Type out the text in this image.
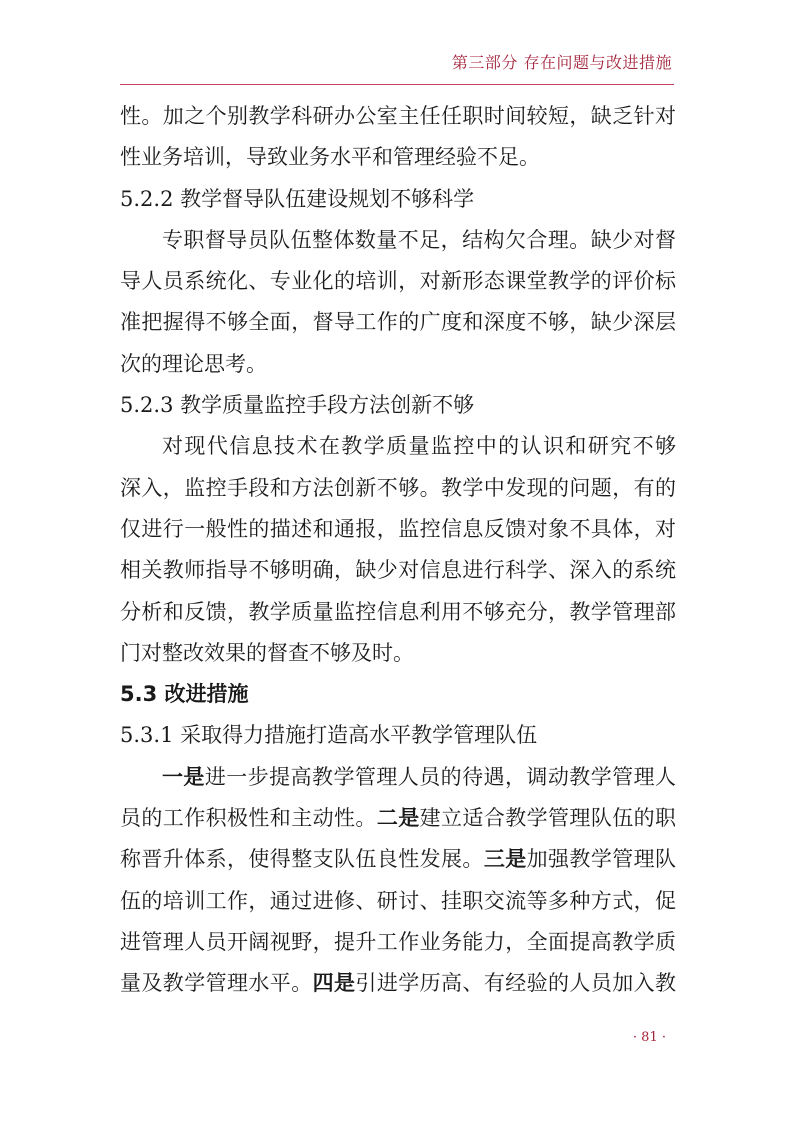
第三部分 存在问题与改进措施
性。加之个别教学科研办公室主任任职时间较短，缺乏针对
性业务培训，导致业务水平和管理经验不足。
5.2.2 教学督导队伍建设规划不够科学
专职督导员队伍整体数量不足，结构欠合理。缺少对督
导人员系统化、专业化的培训，对新形态课堂教学的评价标
准把握得不够全面，督导工作的广度和深度不够，缺少深层
次的理论思考。
5.2.3 教学质量监控手段方法创新不够
对现代信息技术在教学质量监控中的认识和研究不够
深入，监控手段和方法创新不够。教学中发现的问题，有的
仅进行一般性的描述和通报，监控信息反馈对象不具体，对
相关教师指导不够明确，缺少对信息进行科学、深入的系统
分析和反馈，教学质量监控信息利用不够充分，教学管理部
门对整改效果的督查不够及时。
5.3 改进措施
5.3.1 采取得力措施打造高水平教学管理队伍
一是进一步提高教学管理人员的待遇，调动教学管理人
员的工作积极性和主动性。二是建立适合教学管理队伍的职
称晋升体系，使得整支队伍良性发展。三是加强教学管理队
伍的培训工作，通过进修、研讨、挂职交流等多种方式，促
进管理人员开阔视野，提升工作业务能力，全面提高教学质
量及教学管理水平。四是引进学历高、有经验的人员加入教
· 81 ·
